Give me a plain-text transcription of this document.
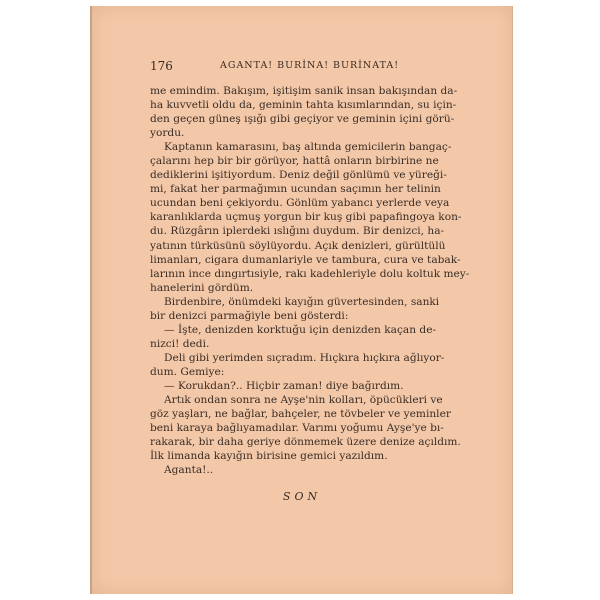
176	AGANTA! BURİNA! BURİNATA!
me emindim. Bakışım, işitişim sanik insan bakışından da-
ha kuvvetli oldu da, geminin tahta kısımlarından, su için-
den geçen güneş ışığı gibi geçiyor ve geminin içini görü-
yordu.
Kaptanın kamarasını, baş altında gemicilerin bangaç-
çalarını hep bir bir görüyor, hattâ onların birbirine ne
dediklerini işitiyordum. Deniz değil gönlümü ve yüreği-
mi, fakat her parmağımın ucundan saçımın her telinin
ucundan beni çekiyordu. Gönlüm yabancı yerlerde veya
karanlıklarda uçmuş yorgun bir kuş gibi papafingoya kon-
du. Rüzgârın iplerdeki ıslığını duydum. Bir denizci, ha-
yatının türküsünü söylüyordu. Açık denizleri, gürültülü
limanları, cigara dumanlariyle ve tambura, cura ve tabak-
larının ince dıngırtısiyle, rakı kadehleriyle dolu koltuk mey-
hanelerini gördüm.
Birdenbire, önümdeki kayığın güvertesinden, sanki
bir denizci parmağiyle beni gösterdi:
— İşte, denizden korktuğu için denizden kaçan de-
nizci! dedi.
Deli gibi yerimden sıçradım. Hıçkıra hıçkıra ağlıyor-
dum. Gemiye:
— Korukdan?.. Hiçbir zaman! diye bağırdım.
Artık ondan sonra ne Ayşe'nin kolları, öpücükleri ve
göz yaşları, ne bağlar, bahçeler, ne tövbeler ve yeminler
beni karaya bağlıyamadılar. Varımı yoğumu Ayşe'ye bı-
rakarak, bir daha geriye dönmemek üzere denize açıldım.
İlk limanda kayığın birisine gemici yazıldım.
Aganta!..
SON
